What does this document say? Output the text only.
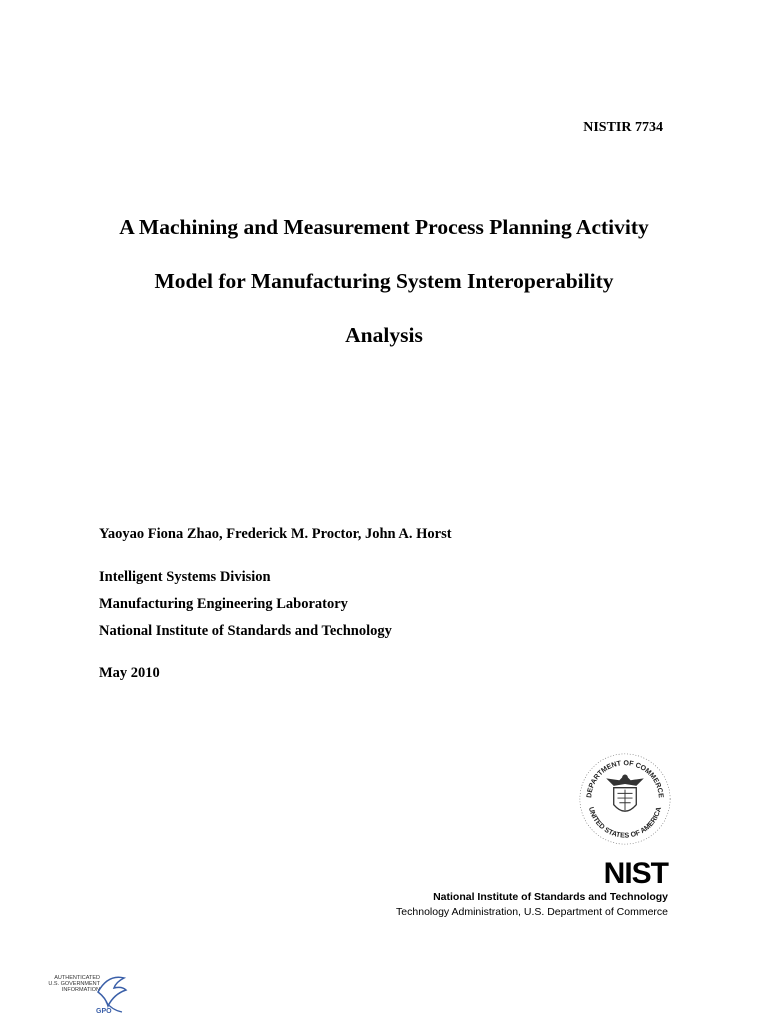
NISTIR 7734
A Machining and Measurement Process Planning Activity
Model for Manufacturing System Interoperability
Analysis
Yaoyao Fiona Zhao, Frederick M. Proctor, John A. Horst
Intelligent Systems Division
Manufacturing Engineering Laboratory
National Institute of Standards and Technology
May 2010
DEPARTMENT OF COMMERCE
UNITED STATES OF AMERICA
NIST
National Institute of Standards and Technology
Technology Administration, U.S. Department of Commerce
AUTHENTICATED
U.S. GOVERNMENT
INFORMATION
GPO
